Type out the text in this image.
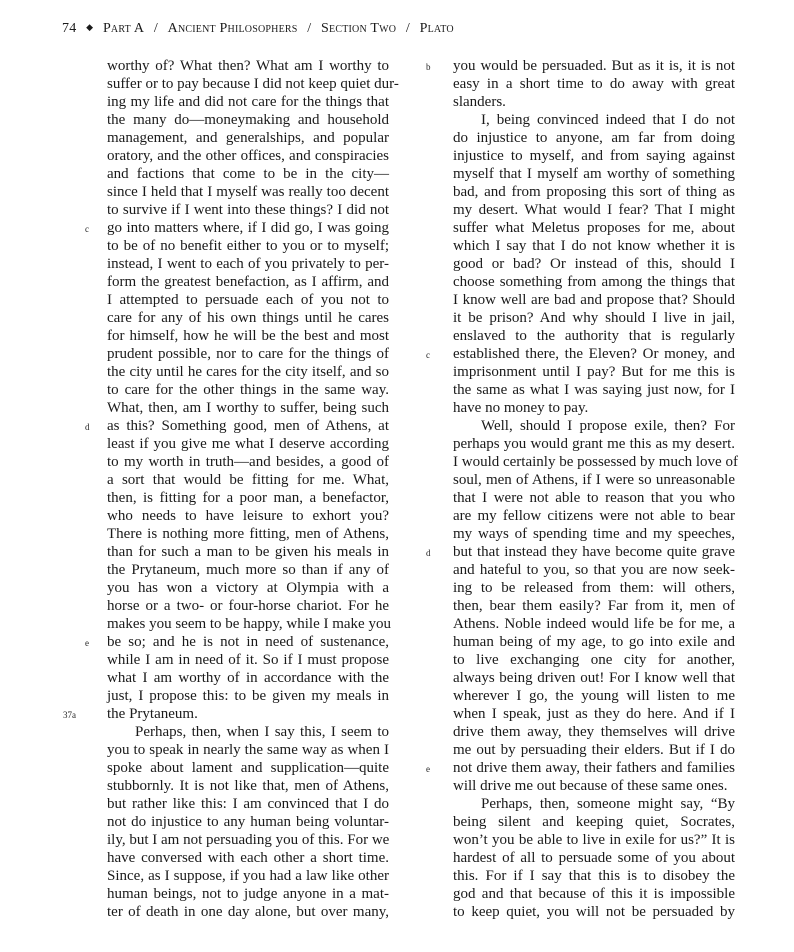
74 ◆ Part A / Ancient Philosophers / Section Two / Plato
worthy of? What then? What am I worthy to
suffer or to pay because I did not keep quiet dur-
ing my life and did not care for the things that
the many do—moneymaking and household
management, and generalships, and popular
oratory, and the other offices, and conspiracies
and factions that come to be in the city—
since I held that I myself was really too decent
to survive if I went into these things? I did not
go into matters where, if I did go, I was going
c
to be of no benefit either to you or to myself;
instead, I went to each of you privately to per-
form the greatest benefaction, as I affirm, and
I attempted to persuade each of you not to
care for any of his own things until he cares
for himself, how he will be the best and most
prudent possible, nor to care for the things of
the city until he cares for the city itself, and so
to care for the other things in the same way.
What, then, am I worthy to suffer, being such
as this? Something good, men of Athens, at
d
least if you give me what I deserve according
to my worth in truth—and besides, a good of
a sort that would be fitting for me. What,
then, is fitting for a poor man, a benefactor,
who needs to have leisure to exhort you?
There is nothing more fitting, men of Athens,
than for such a man to be given his meals in
the Prytaneum, much more so than if any of
you has won a victory at Olympia with a
horse or a two- or four-horse chariot. For he
makes you seem to be happy, while I make you
be so; and he is not in need of sustenance,
e
while I am in need of it. So if I must propose
what I am worthy of in accordance with the
just, I propose this: to be given my meals in
the Prytaneum.
37a
Perhaps, then, when I say this, I seem to
you to speak in nearly the same way as when I
spoke about lament and supplication—quite
stubbornly. It is not like that, men of Athens,
but rather like this: I am convinced that I do
not do injustice to any human being voluntar-
ily, but I am not persuading you of this. For we
have conversed with each other a short time.
Since, as I suppose, if you had a law like other
human beings, not to judge anyone in a mat-
ter of death in one day alone, but over many,
you would be persuaded. But as it is, it is not
b
easy in a short time to do away with great
slanders.
I, being convinced indeed that I do not
do injustice to anyone, am far from doing
injustice to myself, and from saying against
myself that I myself am worthy of something
bad, and from proposing this sort of thing as
my desert. What would I fear? That I might
suffer what Meletus proposes for me, about
which I say that I do not know whether it is
good or bad? Or instead of this, should I
choose something from among the things that
I know well are bad and propose that? Should
it be prison? And why should I live in jail,
enslaved to the authority that is regularly
established there, the Eleven? Or money, and
c
imprisonment until I pay? But for me this is
the same as what I was saying just now, for I
have no money to pay.
Well, should I propose exile, then? For
perhaps you would grant me this as my desert.
I would certainly be possessed by much love of
soul, men of Athens, if I were so unreasonable
that I were not able to reason that you who
are my fellow citizens were not able to bear
my ways of spending time and my speeches,
but that instead they have become quite grave
d
and hateful to you, so that you are now seek-
ing to be released from them: will others,
then, bear them easily? Far from it, men of
Athens. Noble indeed would life be for me, a
human being of my age, to go into exile and
to live exchanging one city for another,
always being driven out! For I know well that
wherever I go, the young will listen to me
when I speak, just as they do here. And if I
drive them away, they themselves will drive
me out by persuading their elders. But if I do
not drive them away, their fathers and families
e
will drive me out because of these same ones.
Perhaps, then, someone might say, “By
being silent and keeping quiet, Socrates,
won’t you be able to live in exile for us?” It is
hardest of all to persuade some of you about
this. For if I say that this is to disobey the
god and that because of this it is impossible
to keep quiet, you will not be persuaded by
